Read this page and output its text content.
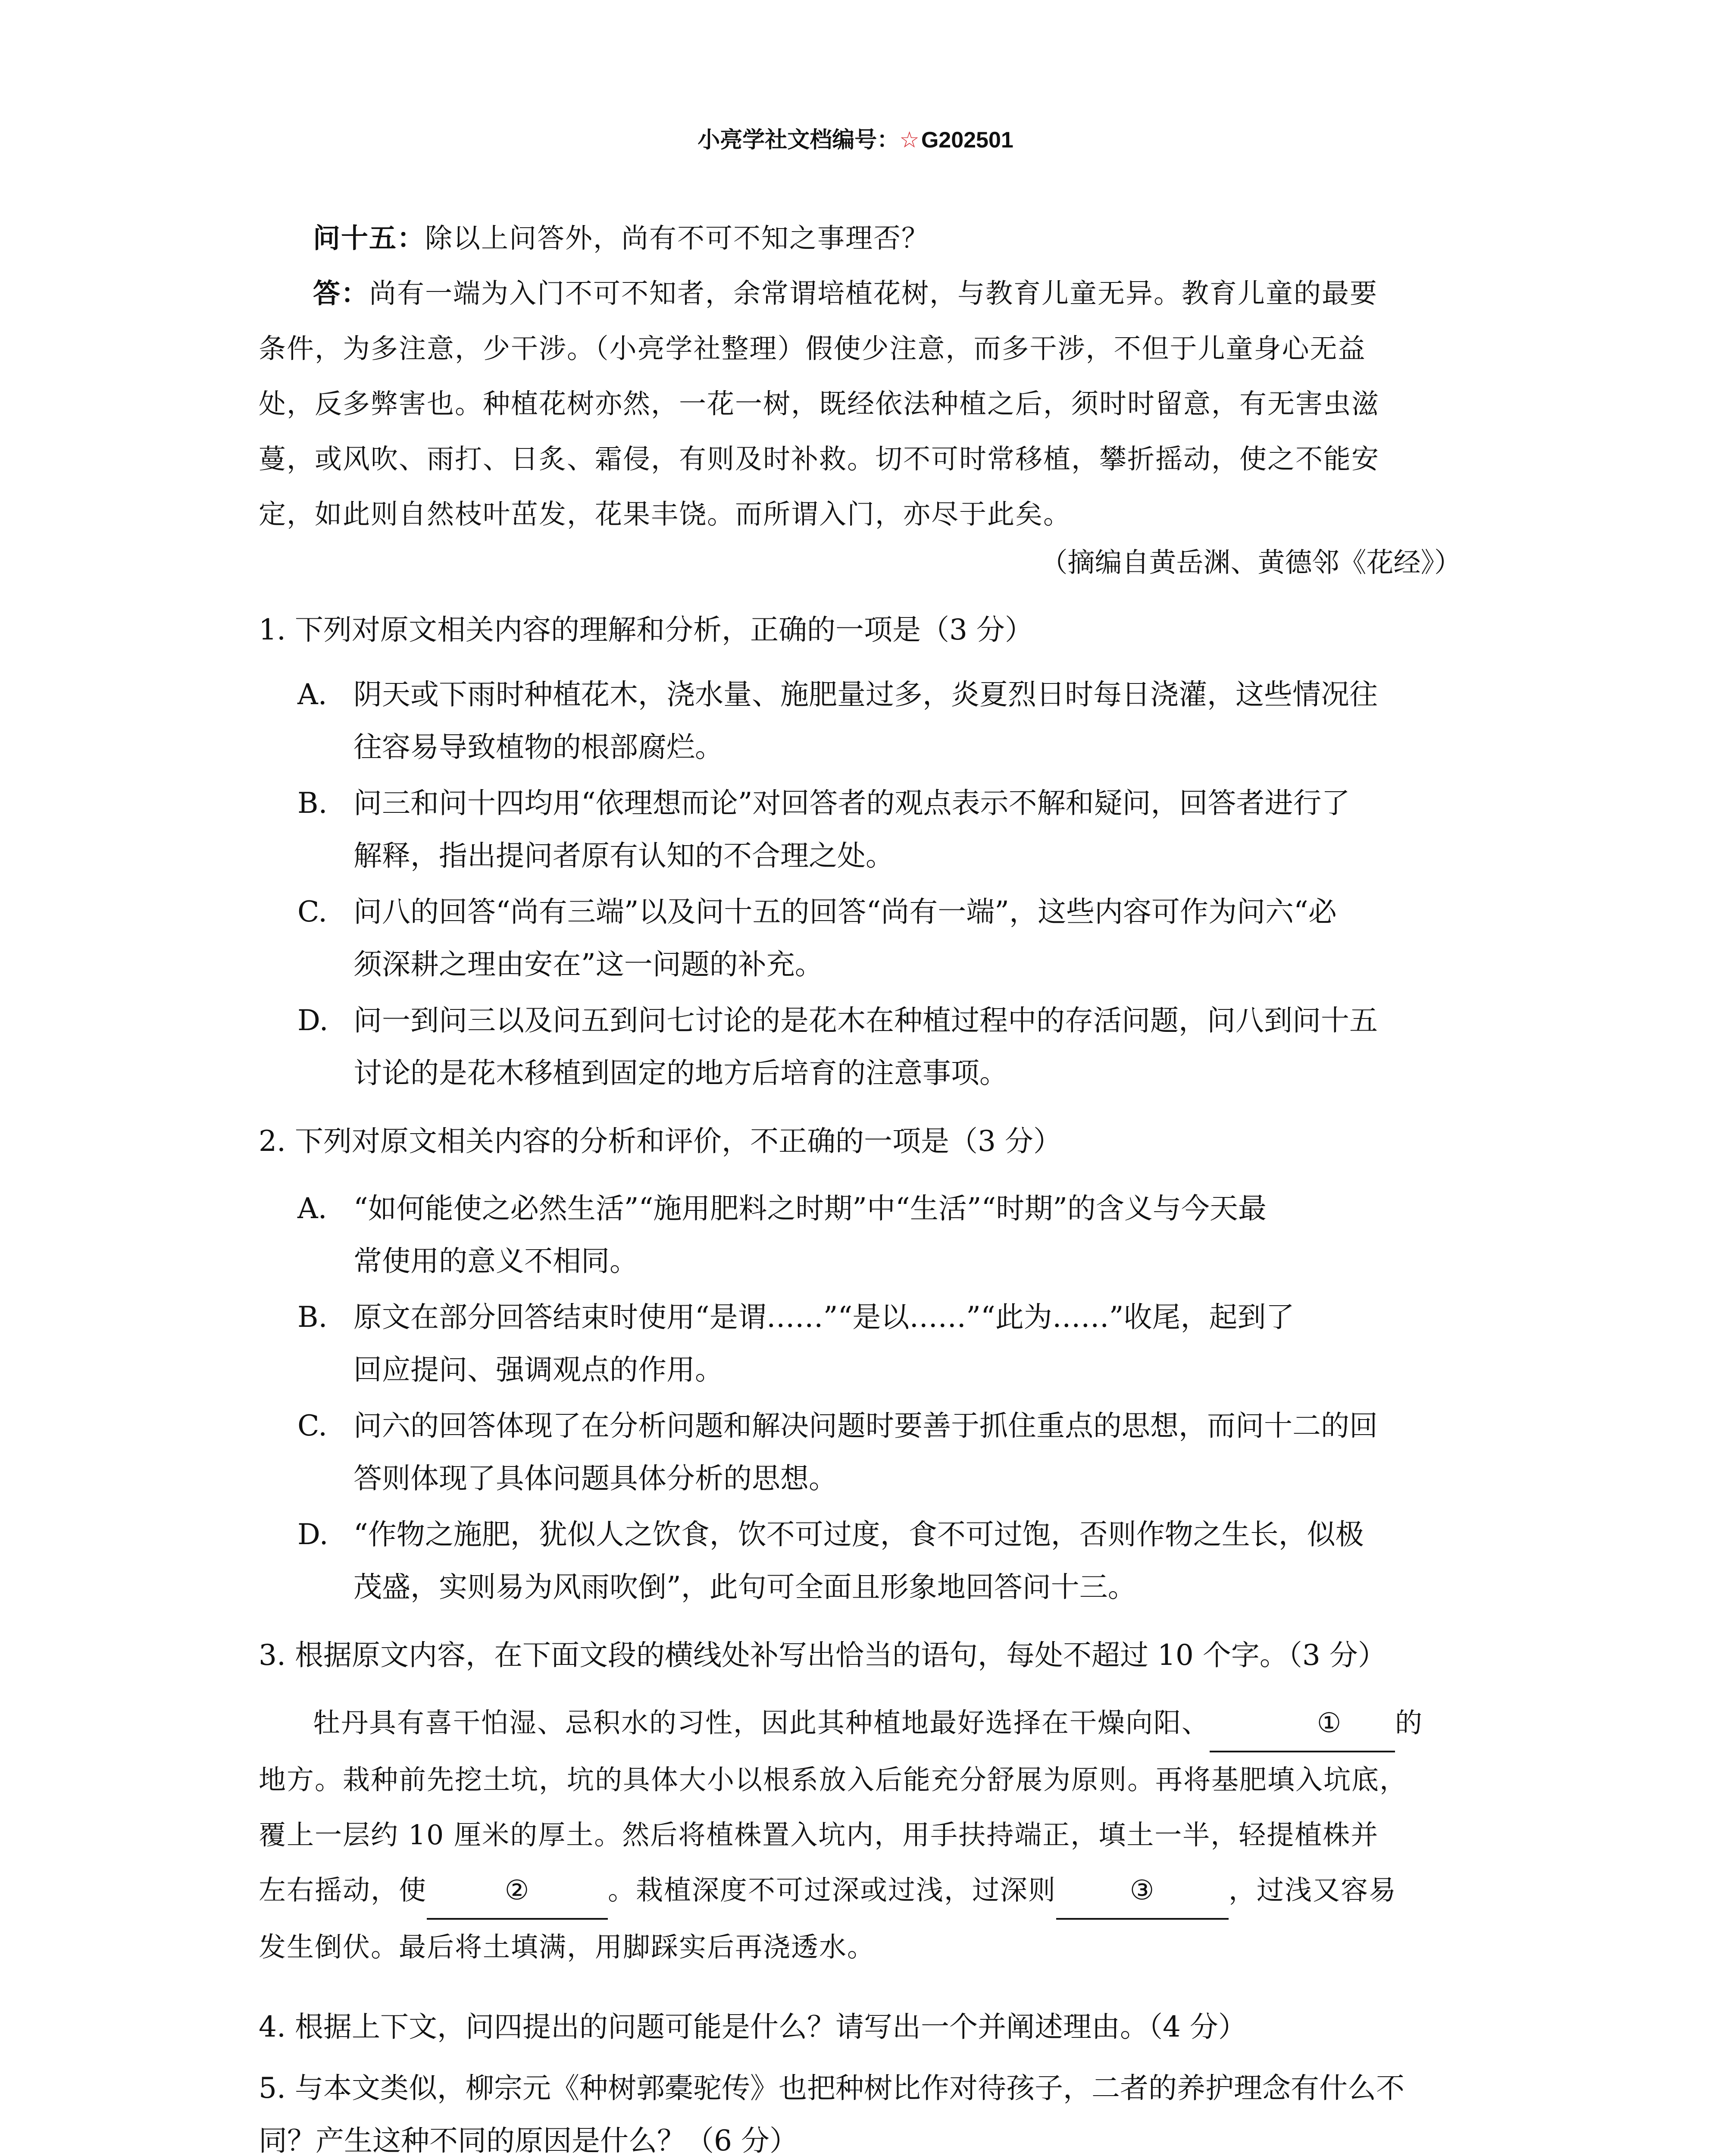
小亮学社文档编号：☆G202501
问十五：除以上问答外，尚有不可不知之事理否？
答：尚有一端为入门不可不知者，余常谓培植花树，与教育儿童无异。教育儿童的最要
条件，为多注意，少干涉。（小亮学社整理）假使少注意，而多干涉，不但于儿童身心无益
处，反多弊害也。种植花树亦然，一花一树，既经依法种植之后，须时时留意，有无害虫滋
蔓，或风吹、雨打、日炙、霜侵，有则及时补救。切不可时常移植，攀折摇动，使之不能安
定，如此则自然枝叶茁发，花果丰饶。而所谓入门，亦尽于此矣。
（摘编自黄岳渊、黄德邻《花经》）
1. 下列对原文相关内容的理解和分析，正确的一项是（3 分）
A. 阴天或下雨时种植花木，浇水量、施肥量过多，炎夏烈日时每日浇灌，这些情况往
往容易导致植物的根部腐烂。
B. 问三和问十四均用“依理想而论”对回答者的观点表示不解和疑问，回答者进行了
解释，指出提问者原有认知的不合理之处。
C. 问八的回答“尚有三端”以及问十五的回答“尚有一端”，这些内容可作为问六“必
须深耕之理由安在”这一问题的补充。
D. 问一到问三以及问五到问七讨论的是花木在种植过程中的存活问题，问八到问十五
讨论的是花木移植到固定的地方后培育的注意事项。
2. 下列对原文相关内容的分析和评价，不正确的一项是（3 分）
A. “如何能使之必然生活”“施用肥料之时期”中“生活”“时期”的含义与今天最
常使用的意义不相同。
B. 原文在部分回答结束时使用“是谓……”“是以……”“此为……”收尾，起到了
回应提问、强调观点的作用。
C. 问六的回答体现了在分析问题和解决问题时要善于抓住重点的思想，而问十二的回
答则体现了具体问题具体分析的思想。
D. “作物之施肥，犹似人之饮食，饮不可过度，食不可过饱，否则作物之生长，似极
茂盛，实则易为风雨吹倒”，此句可全面且形象地回答问十三。
3. 根据原文内容，在下面文段的横线处补写出恰当的语句，每处不超过 10 个字。（3 分）
牡丹具有喜干怕湿、忌积水的习性，因此其种植地最好选择在干燥向阳、	① 的
地方。栽种前先挖土坑，坑的具体大小以根系放入后能充分舒展为原则。再将基肥填入坑底，
覆上一层约 10 厘米的厚土。然后将植株置入坑内，用手扶持端正，填土一半，轻提植株并
左右摇动，使	②	。栽植深度不可过深或过浅，过深则	③	，过浅又容易
发生倒伏。最后将土填满，用脚踩实后再浇透水。
4. 根据上下文，问四提出的问题可能是什么？请写出一个并阐述理由。（4 分）
5. 与本文类似，柳宗元《种树郭橐驼传》也把种树比作对待孩子，二者的养护理念有什么不
同？产生这种不同的原因是什么？（6 分）
